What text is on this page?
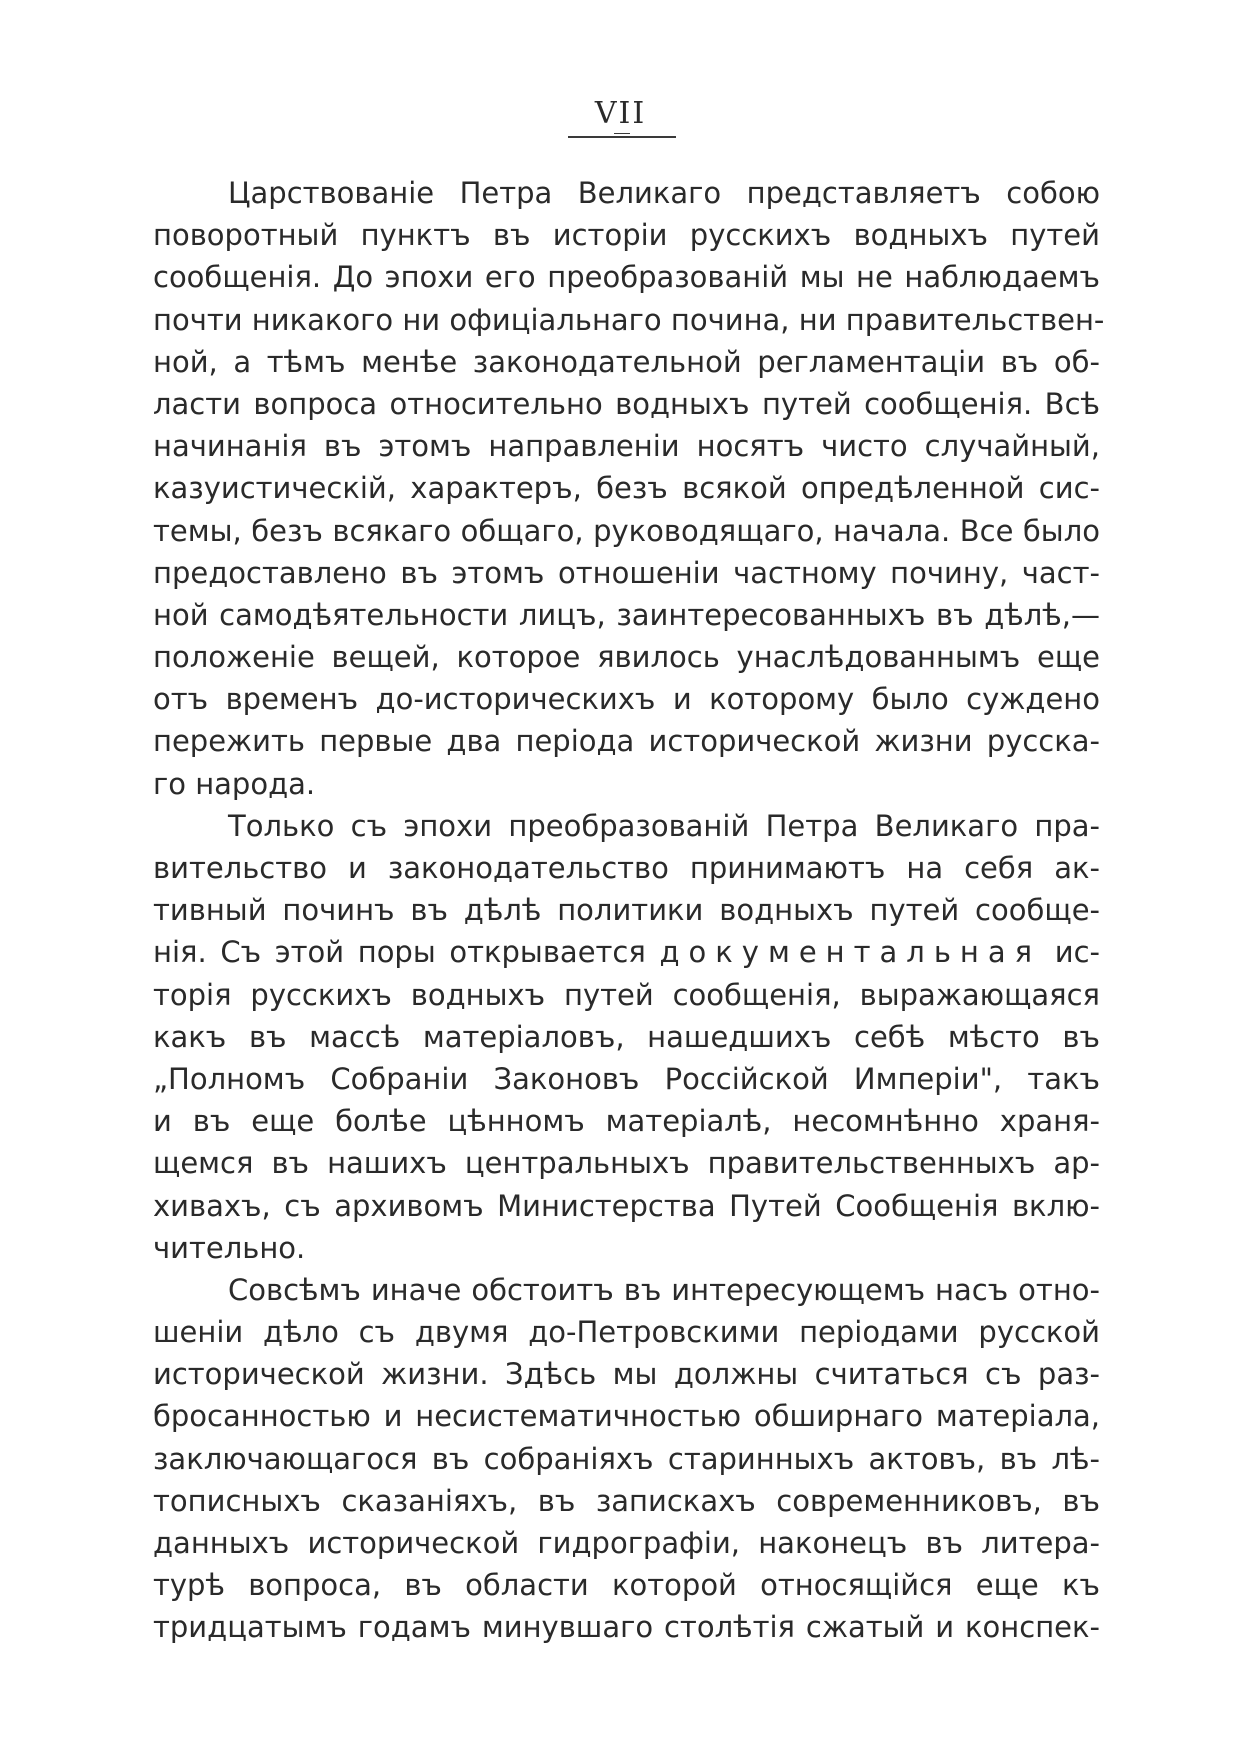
VII
Царствованіе Петра Великаго представляетъ собою
поворотный пунктъ въ исторіи русскихъ водныхъ путей
сообщенія. До эпохи его преобразованій мы не наблюдаемъ
почти никакого ни офиціальнаго почина, ни правительствен-
ной, а тѣмъ менѣе законодательной регламентаціи въ об-
ласти вопроса относительно водныхъ путей сообщенія. Всѣ
начинанія въ этомъ направленіи носятъ чисто случайный,
казуистическій, характеръ, безъ всякой опредѣленной сис-
темы, безъ всякаго общаго, руководящаго, начала. Все было
предоставлено въ этомъ отношеніи частному почину, част-
ной самодѣятельности лицъ, заинтересованныхъ въ дѣлѣ,—
положеніе вещей, которое явилось унаслѣдованнымъ еще
отъ временъ до-историческихъ и которому было суждено
пережить первые два періода исторической жизни русска-
го народа.
Только съ эпохи преобразованій Петра Великаго пра-
вительство и законодательство принимаютъ на себя ак-
тивный починъ въ дѣлѣ политики водныхъ путей сообще-
нія. Съ этой поры открывается документальная ис-
торія русскихъ водныхъ путей сообщенія, выражающаяся
какъ въ массѣ матеріаловъ, нашедшихъ себѣ мѣсто въ
„Полномъ Собраніи Законовъ Россійской Имперіи", такъ
и въ еще болѣе цѣнномъ матеріалѣ, несомнѣнно храня-
щемся въ нашихъ центральныхъ правительственныхъ ар-
хивахъ, съ архивомъ Министерства Путей Сообщенія вклю-
чительно.
Совсѣмъ иначе обстоитъ въ интересующемъ насъ отно-
шеніи дѣло съ двумя до-Петровскими періодами русской
исторической жизни. Здѣсь мы должны считаться съ раз-
бросанностью и несистематичностью обширнаго матеріала,
заключающагося въ собраніяхъ старинныхъ актовъ, въ лѣ-
тописныхъ сказаніяхъ, въ запискахъ современниковъ, въ
данныхъ исторической гидрографіи, наконецъ въ литера-
турѣ вопроса, въ области которой относящійся еще къ
тридцатымъ годамъ минувшаго столѣтія сжатый и конспек-
